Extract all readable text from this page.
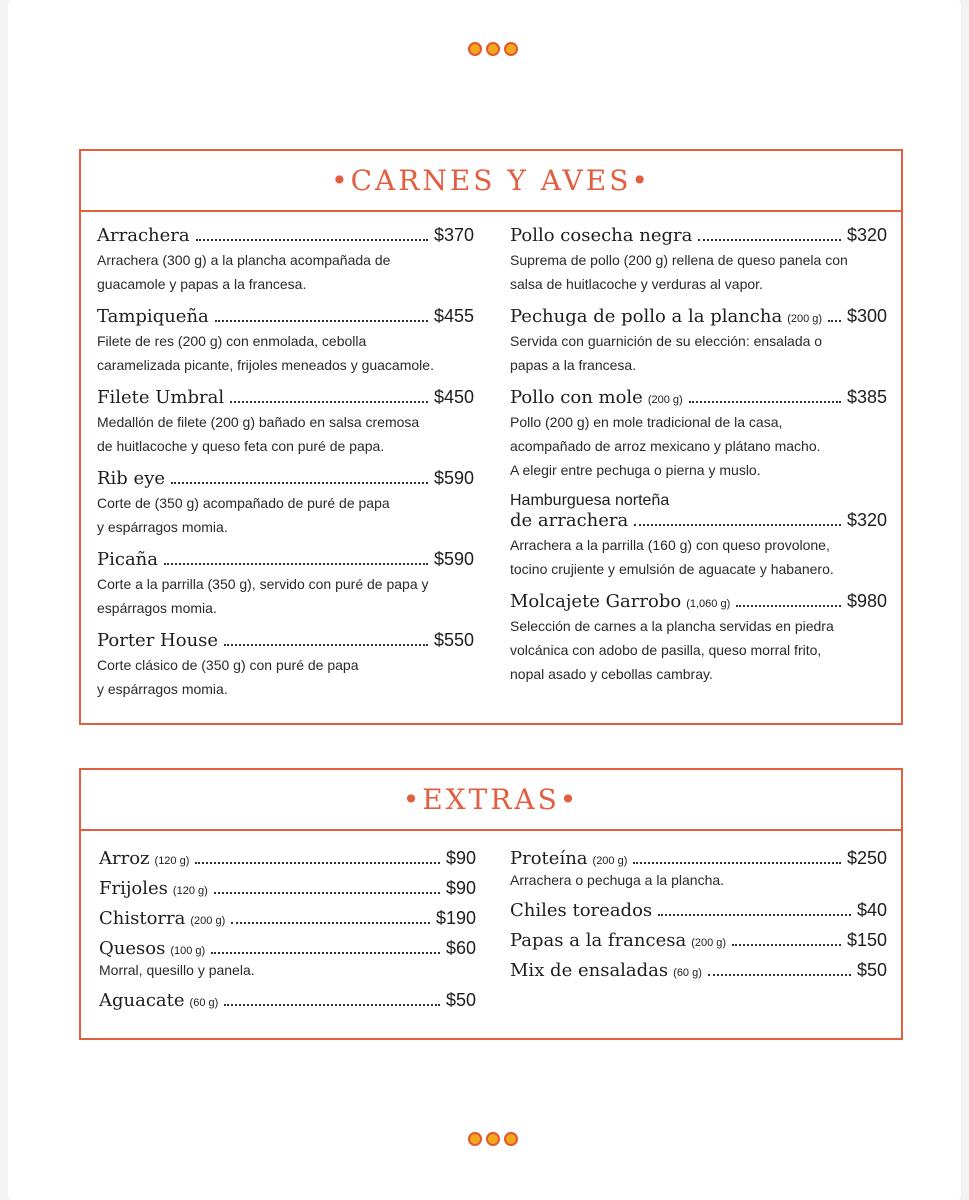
•CARNES Y AVES•
Arrachera	$370
Arrachera (300 g) a la plancha acompañada de
guacamole y papas a la francesa.
Tampiqueña	$455
Filete de res (200 g) con enmolada, cebolla
caramelizada picante, frijoles meneados y guacamole.
Filete Umbral	$450
Medallón de filete (200 g) bañado en salsa cremosa
de huitlacoche y queso feta con puré de papa.
Rib eye	$590
Corte de (350 g) acompañado de puré de papa
y espárragos momia.
Picaña	$590
Corte a la parrilla (350 g), servido con puré de papa y
espárragos momia.
Porter House	$550
Corte clásico de (350 g) con puré de papa
y espárragos momia.
Pollo cosecha negra	$320
Suprema de pollo (200 g) rellena de queso panela con
salsa de huitlacoche y verduras al vapor.
Pechuga de pollo a la plancha (200 g) $300
Servida con guarnición de su elección: ensalada o
papas a la francesa.
Pollo con mole (200 g)	$385
Pollo (200 g) en mole tradicional de la casa,
acompañado de arroz mexicano y plátano macho.
A elegir entre pechuga o pierna y muslo.
Hamburguesa norteña
de arrachera	$320
Arrachera a la parrilla (160 g) con queso provolone,
tocino crujiente y emulsión de aguacate y habanero.
Molcajete Garrobo (1,060 g)	$980
Selección de carnes a la plancha servidas en piedra
volcánica con adobo de pasilla, queso morral frito,
nopal asado y cebollas cambray.
•EXTRAS•
Arroz (120 g)	$90
Frijoles (120 g)	$90
Chistorra (200 g)	$190
Quesos (100 g)	$60
Morral, quesillo y panela.
Aguacate (60 g)	$50
Proteína (200 g)	$250
Arrachera o pechuga a la plancha.
Chiles toreados	$40
Papas a la francesa (200 g)	$150
Mix de ensaladas (60 g)	$50
